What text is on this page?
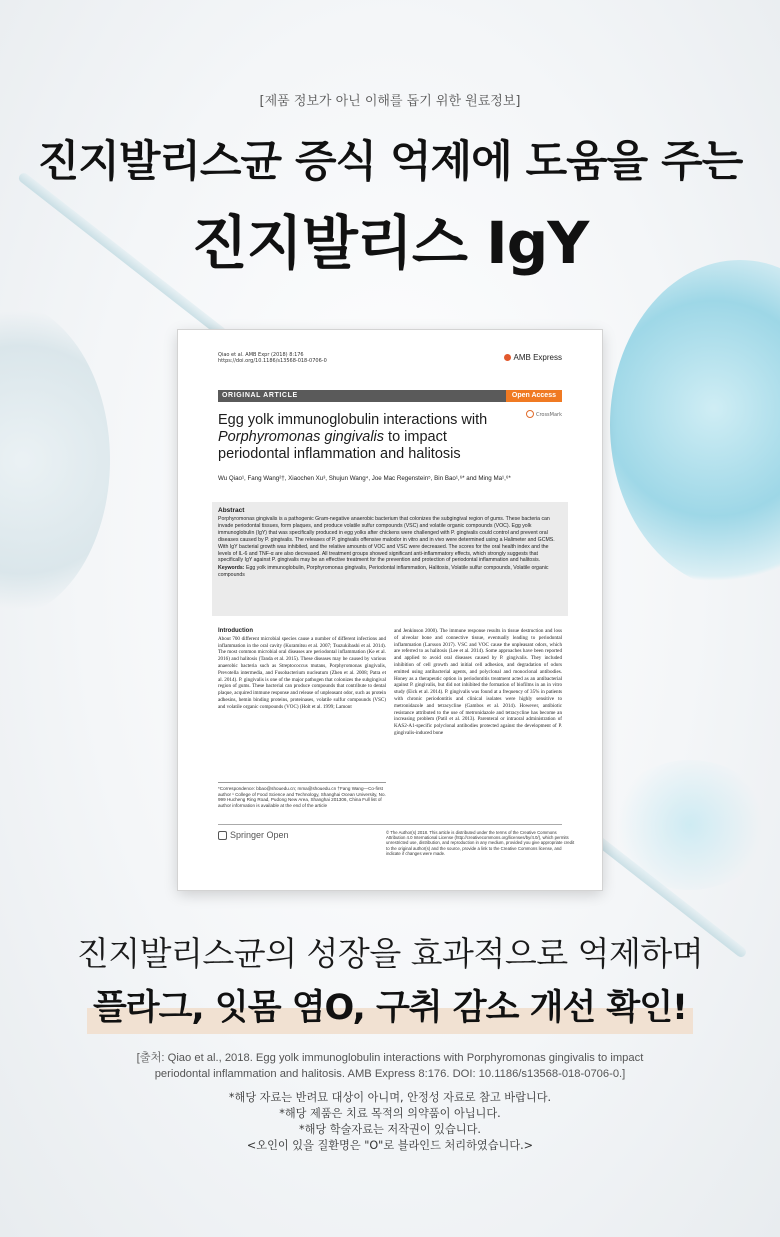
[제품 정보가 아닌 이해를 돕기 위한 원료정보]
진지발리스균 증식 억제에 도움을 주는
진지발리스 IgY
Qiao et al. AMB Expr (2018) 8:176
https://doi.org/10.1186/s13568-018-0706-0	AMB Express
ORIGINAL ARTICLE	Open Access
CrossMark
Egg yolk immunoglobulin interactions with Porphyromonas gingivalis to impact periodontal inflammation and halitosis
Wu Qiao¹, Fang Wang²†, Xiaochen Xu³, Shujun Wang⁴, Joe Mac Regenstein⁵, Bin Bao¹,⁶* and Ming Ma¹,⁶*
Abstract
Porphyromonas gingivalis is a pathogenic Gram-negative anaerobic bacterium that colonizes the subgingival region of gums. These bacteria can invade periodontal tissues, form plaques, and produce volatile sulfur compounds (VSC) and volatile organic compounds (VOC). Egg yolk immunoglobulin (IgY) that was specifically produced in egg yolks after chickens were challenged with P. gingivalis could control and prevent oral diseases caused by P. gingivalis. The releases of P. gingivalis offensive malodor in vitro and in vivo were determined using a Halimeter and GCMS. With IgY bacterial growth was inhibited, and the relative amounts of VOC and VSC were decreased. The scores for the oral health index and the levels of IL-6 and TNF-α are also decreased. All treatment groups showed significant anti-inflammatory effects, which strongly suggests that specifically IgY against P. gingivalis may be an effective treatment for the prevention and protection of periodontal inflammation and halitosis.
Keywords: Egg yolk immunoglobulin, Porphyromonas gingivalis, Periodontal inflammation, Halitosis, Volatile sulfur compounds, Volatile organic compounds
Introduction
About 700 different microbial species cause a number of different infections and inflammation in the oral cavity (Kuramitsu et al. 2007; Tsuzukibashi et al. 2014). The most common microbial oral diseases are periodontal inflammation (Ke et al. 2016) and halitosis (Tanda et al. 2015). These diseases may be caused by various anaerobic bacteria such as Streptococcus mutans, Porphyromonas gingivalis, Prevotella intermedia, and Fusobacterium nucleatum (Zhen et al. 2008; Patra et al. 2014). P. gingivalis is one of the major pathogen that colonizes the subgingival region of gums. These bacterial can produce compounds that contribute to dental plaque, acquired immune response and release of unpleasant odor, such as protein adhesins, hemin binding proteins, proteinases, volatile sulfur compounds (VSC) and volatile organic compounds (VOC) (Holt et al. 1999; Lamont
and Jenkinson 2000). The immune response results in tissue destruction and loss of alveolar bone and connective tissue, eventually leading to periodontal inflammation (Larsson 2017). VSC and VOC cause the unpleasant odors, which are referred to as halitosis (Lee et al. 2014). Some approaches have been reported and applied to avoid oral diseases caused by P. gingivalis. They included inhibition of cell growth and initial cell adhesion, and degradation of odors emitted using antibacterial agents, and polyclonal and monoclonal antibodies. Honey as a therapeutic option in periodontitis treatment acted as an antibacterial against P. gingivalis, but did not inhibited the formation of biofilms in an in vitro study (Eick et al. 2014). P. gingivalis was found at a frequency of 35% in patients with chronic periodontitis and clinical isolates were highly sensitive to metronidazole and tetracycline (Gambos et al. 2014). However, antibiotic resistance attributed to the use of metronidazole and tetracycline has become an increasing problem (Patil et al. 2013). Parenteral or intraoral administration of KAS2-A1-specific polyclonal antibodies protected against the development of P. gingivalis-induced bone
*Correspondence: bbao@shouedu.cn; mma@shouedu.cn †Fang Wang—Co-first author ¹ College of Food Science and Technology, Shanghai Ocean University, No. 999 Hucheng Ring Road, Pudong New Area, Shanghai 201306, China Full list of author information is available at the end of the article
Springer Open	© The Author(s) 2018. This article is distributed under the terms of the Creative Commons Attribution 4.0 International License (http://creativecommons.org/licenses/by/4.0/), which permits unrestricted use, distribution, and reproduction in any medium, provided you give appropriate credit to the original author(s) and the source, provide a link to the Creative Commons license, and indicate if changes were made.
진지발리스균의 성장을 효과적으로 억제하며
플라그, 잇몸 염O, 구취 감소 개선 확인!
[출처: Qiao et al., 2018. Egg yolk immunoglobulin interactions with Porphyromonas gingivalis to impact periodontal inflammation and halitosis. AMB Express 8:176. DOI: 10.1186/s13568-018-0706-0.]
*해당 자료는 반려묘 대상이 아니며, 안정성 자료로 참고 바랍니다.
*해당 제품은 치료 목적의 의약품이 아닙니다.
*해당 학술자료는 저작권이 있습니다.
<오인이 있을 질환명은 "O"로 블라인드 처리하였습니다.>
